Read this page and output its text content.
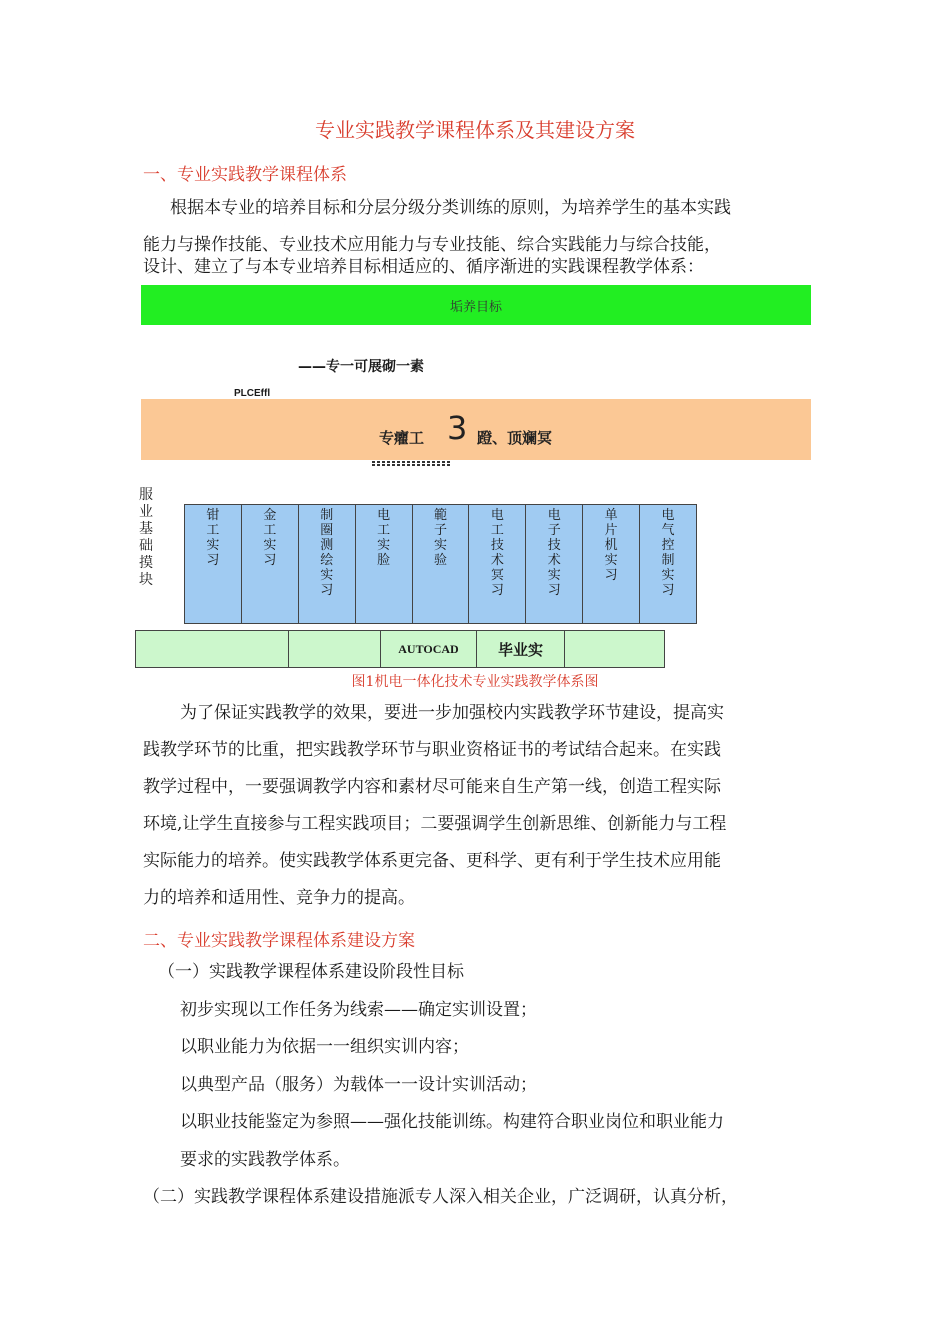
专业实践教学课程体系及其建设方案
一、专业实践教学课程体系
根据本专业的培养目标和分层分级分类训练的原则，为培养学生的基本实践
能力与操作技能、专业技术应用能力与专业技能、综合实践能力与综合技能，
设计、建立了与本专业培养目标相适应的、循序渐进的实践课程教学体系：
垢养目标
——专一可展砌一素
PLCEffl
专癯工 3 蹬、顶斓冥
服业基础摸块
钳工实习
金工实习
制圈测绘实习
电工实脸
範子实验
电工技术冥习
电子技术实习
单片机实习
电气控制实习
AUTOCAD	毕业实
图1机电一体化技术专业实践教学体系图
为了保证实践教学的效果，要进一步加强校内实践教学环节建设，提高实
践教学环节的比重，把实践教学环节与职业资格证书的考试结合起来。在实践
教学过程中，一要强调教学内容和素材尽可能来自生产第一线，创造工程实际
环境,让学生直接参与工程实践项目；二要强调学生创新思维、创新能力与工程
实际能力的培养。使实践教学体系更完备、更科学、更有利于学生技术应用能
力的培养和适用性、竞争力的提高。
二、专业实践教学课程体系建设方案
（一）实践教学课程体系建设阶段性目标
初步实现以工作任务为线索——确定实训设置；
以职业能力为依据一一组织实训内容；
以典型产品（服务）为载体一一设计实训活动；
以职业技能鉴定为参照——强化技能训练。构建符合职业岗位和职业能力
要求的实践教学体系。
（二）实践教学课程体系建设措施派专人深入相关企业，广泛调研，认真分析，
